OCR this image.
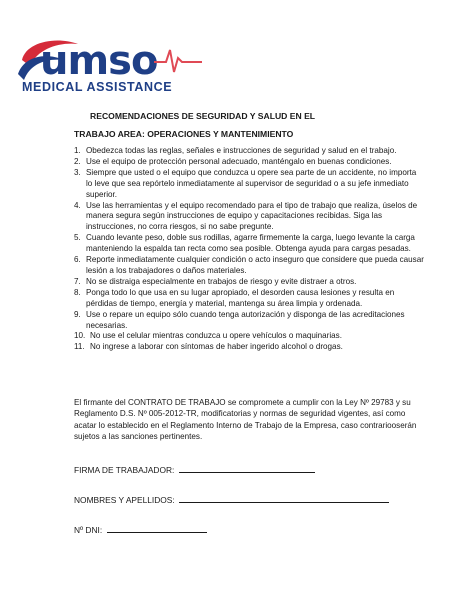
umso
MEDICAL ASSISTANCE
RECOMENDACIONES DE SEGURIDAD Y SALUD EN EL
TRABAJO AREA: OPERACIONES Y MANTENIMIENTO
1. Obedezca todas las reglas, señales e instrucciones de seguridad y salud en el trabajo.
2. Use el equipo de protección personal adecuado, manténgalo en buenas condiciones.
3. Siempre que usted o el equipo que conduzca u opere sea parte de un accidente, no importa lo leve que sea repórtelo inmediatamente al supervisor de seguridad o a su jefe inmediato superior.
4. Use las herramientas y el equipo recomendado para el tipo de trabajo que realiza, úselos de manera segura según instrucciones de equipo y capacitaciones recibidas. Siga las instrucciones, no corra riesgos, si no sabe pregunte.
5. Cuando levante peso, doble sus rodillas, agarre firmemente la carga, luego levante la carga manteniendo la espalda tan recta como sea posible. Obtenga ayuda para cargas pesadas.
6. Reporte inmediatamente cualquier condición o acto inseguro que considere que pueda causar lesión a los trabajadores o daños materiales.
7. No se distraiga especialmente en trabajos de riesgo y evite distraer a otros.
8. Ponga todo lo que usa en su lugar apropiado, el desorden causa lesiones y resulta en pérdidas de tiempo, energía y material, mantenga su área limpia y ordenada.
9. Use o repare un equipo sólo cuando tenga autorización y disponga de las acreditaciones necesarias.
10. No use el celular mientras conduzca u opere vehículos o maquinarias.
11. No ingrese a laborar con síntomas de haber ingerido alcohol o drogas.
El firmante del CONTRATO DE TRABAJO se compromete a cumplir con la Ley Nº 29783 y su Reglamento D.S. Nº 005-2012-TR, modificatorias y normas de seguridad vigentes, así como acatar lo establecido en el Reglamento Interno de Trabajo de la Empresa, caso contrariooserán sujetos a las sanciones pertinentes.
FIRMA DE TRABAJADOR:
NOMBRES Y APELLIDOS:
Nº DNI:
